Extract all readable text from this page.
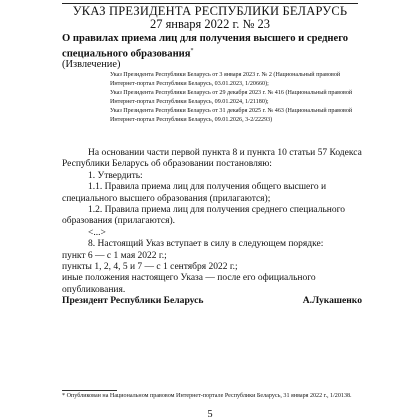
УКАЗ ПРЕЗИДЕНТА РЕСПУБЛИКИ БЕЛАРУСЬ
27 января 2022 г. № 23
О правилах приема лиц для получения высшего и среднего специального образования*
(Извлечение)
Указ Президента Республики Беларусь от 3 января 2023 г. № 2 (Национальный правовой Интернет-портал Республики Беларусь, 03.01.2023, 1/20660);
Указ Президента Республики Беларусь от 29 декабря 2023 г. № 416 (Национальный правовой Интернет-портал Республики Беларусь, 09.01.2024, 1/21180);
Указ Президента Республики Беларусь от 31 декабря 2025 г. № 463 (Национальный правовой Интернет-портал Республики Беларусь, 09.01.2026, 3-2/22293)

На основании части первой пункта 8 и пункта 10 статьи 57 Кодекса Республики Беларусь об образовании постановляю:

1. Утвердить:

1.1. Правила приема лиц для получения общего высшего и специального высшего образования (прилагаются);

1.2. Правила приема лиц для получения среднего специального образования (прилагаются).

<...>

8. Настоящий Указ вступает в силу в следующем порядке:

пункт 6 — с 1 мая 2022 г.;

пункты 1, 2, 4, 5 и 7 — с 1 сентября 2022 г.;

иные положения настоящего Указа — после его официального опубликования.

Президент Республики Беларусь	А.Лукашенко
* Опубликован на Национальном правовом Интернет-портале Республики Беларусь, 31 января 2022 г., 1/20138.
5
